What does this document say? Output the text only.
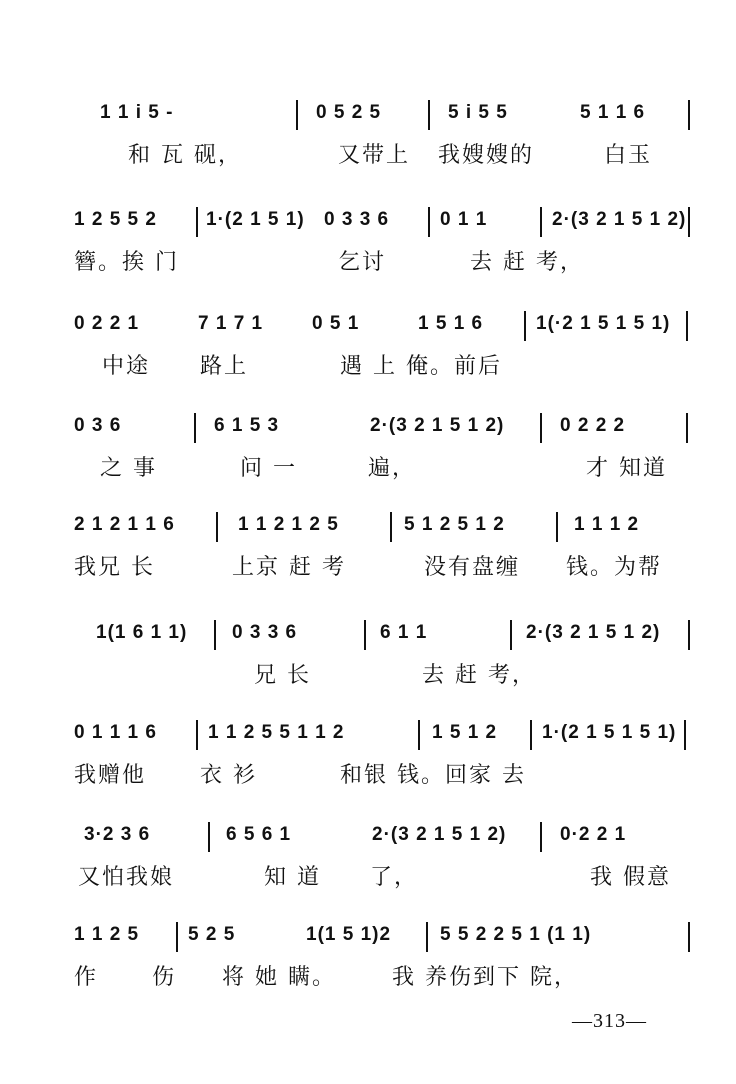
1 1 i 5 -	0 5 2 5	5 i 5 5	5 1 1 6
和 瓦 砚，	又带上 我嫂嫂的	白玉
1 2 5 5 2	1·(2 1 5 1) 0 3 3 6	0 1 1	2·(3 2 1 5 1 2)
簪。挨 门	乞讨	去 赶 考，
0 2 2 1	7 1 7 1	0 5 1	1 5 1 6	1(·2 1 5 1 5 1)
中途 路上	遇 上 俺。前后
0 3 6	6 1 5 3	2·(3 2 1 5 1 2)	0 2 2 2
之 事	问 一	遍，	才 知道
2 1 2 1 1 6	1 1 2 1 2 5	5 1 2 5 1 2	1 1 1 2
我兄 长	上京 赶 考	没有盘缠 钱。为帮
1(1 6 1 1) 0 3 3 6	6 1 1	2·(3 2 1 5 1 2)
兄 长	去 赶 考，
0 1 1 1 6	1 1 2 5 5 1 1 2	1 5 1 2 1·(2 1 5 1 5 1)
我赠他 衣 衫	和银 钱。回家 去
3·2 3 6	6 5 6 1	2·(3 2 1 5 1 2)	0·2 2 1
又怕我娘	知 道 了，	我 假意
1 1 2 5	5 2 5	1(1 5 1)2	5 5 2 2 5 1 (1 1)
作 伤 将 她 瞒。	我 养伤到下 院，
—313—
